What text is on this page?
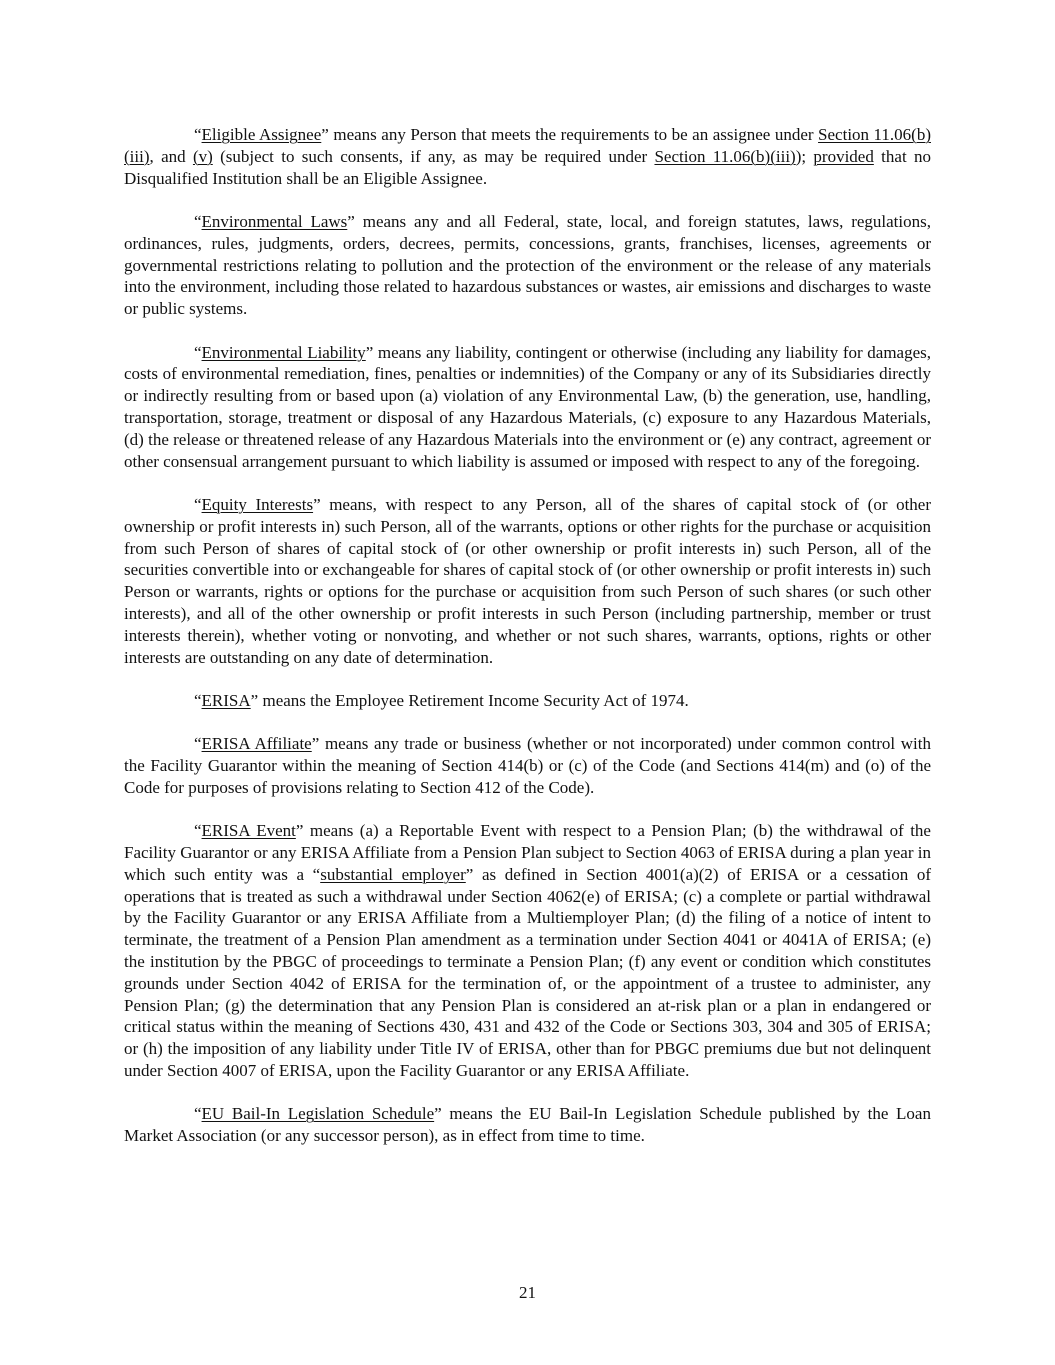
“Eligible Assignee” means any Person that meets the requirements to be an assignee under Section 11.06(b)(iii), and (v) (subject to such consents, if any, as may be required under Section 11.06(b)(iii)); provided that no Disqualified Institution shall be an Eligible Assignee.

“Environmental Laws” means any and all Federal, state, local, and foreign statutes, laws, regulations, ordinances, rules, judgments, orders, decrees, permits, concessions, grants, franchises, licenses, agreements or governmental restrictions relating to pollution and the protection of the environment or the release of any materials into the environment, including those related to hazardous substances or wastes, air emissions and discharges to waste or public systems.

“Environmental Liability” means any liability, contingent or otherwise (including any liability for damages, costs of environmental remediation, fines, penalties or indemnities) of the Company or any of its Subsidiaries directly or indirectly resulting from or based upon (a) violation of any Environmental Law, (b) the generation, use, handling, transportation, storage, treatment or disposal of any Hazardous Materials, (c) exposure to any Hazardous Materials, (d) the release or threatened release of any Hazardous Materials into the environment or (e) any contract, agreement or other consensual arrangement pursuant to which liability is assumed or imposed with respect to any of the foregoing.

“Equity Interests” means, with respect to any Person, all of the shares of capital stock of (or other ownership or profit interests in) such Person, all of the warrants, options or other rights for the purchase or acquisition from such Person of shares of capital stock of (or other ownership or profit interests in) such Person, all of the securities convertible into or exchangeable for shares of capital stock of (or other ownership or profit interests in) such Person or warrants, rights or options for the purchase or acquisition from such Person of such shares (or such other interests), and all of the other ownership or profit interests in such Person (including partnership, member or trust interests therein), whether voting or nonvoting, and whether or not such shares, warrants, options, rights or other interests are outstanding on any date of determination.

“ERISA” means the Employee Retirement Income Security Act of 1974.

“ERISA Affiliate” means any trade or business (whether or not incorporated) under common control with the Facility Guarantor within the meaning of Section 414(b) or (c) of the Code (and Sections 414(m) and (o) of the Code for purposes of provisions relating to Section 412 of the Code).

“ERISA Event” means (a) a Reportable Event with respect to a Pension Plan; (b) the withdrawal of the Facility Guarantor or any ERISA Affiliate from a Pension Plan subject to Section 4063 of ERISA during a plan year in which such entity was a “substantial employer” as defined in Section 4001(a)(2) of ERISA or a cessation of operations that is treated as such a withdrawal under Section 4062(e) of ERISA; (c) a complete or partial withdrawal by the Facility Guarantor or any ERISA Affiliate from a Multiemployer Plan; (d) the filing of a notice of intent to terminate, the treatment of a Pension Plan amendment as a termination under Section 4041 or 4041A of ERISA; (e) the institution by the PBGC of proceedings to terminate a Pension Plan; (f) any event or condition which constitutes grounds under Section 4042 of ERISA for the termination of, or the appointment of a trustee to administer, any Pension Plan; (g) the determination that any Pension Plan is considered an at-risk plan or a plan in endangered or critical status within the meaning of Sections 430, 431 and 432 of the Code or Sections 303, 304 and 305 of ERISA; or (h) the imposition of any liability under Title IV of ERISA, other than for PBGC premiums due but not delinquent under Section 4007 of ERISA, upon the Facility Guarantor or any ERISA Affiliate.

“EU Bail-In Legislation Schedule” means the EU Bail-In Legislation Schedule published by the Loan Market Association (or any successor person), as in effect from time to time.

21
